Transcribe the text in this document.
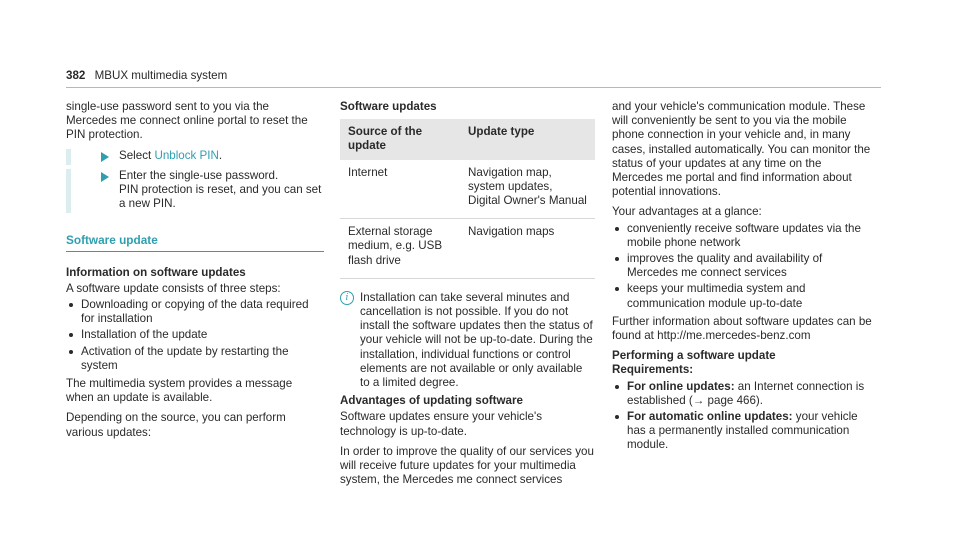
382 MBUX multimedia system

single-use password sent to you via the Mercedes me connect online portal to reset the PIN protection.

Select Unblock PIN.
Enter the single-use password.
PIN protection is reset, and you can set a new PIN.
Software update
Information on software updates

A software update consists of three steps:

Downloading or copying of the data required for installation
Installation of the update
Activation of the update by restarting the system

The multimedia system provides a message when an update is available.

Depending on the source, you can perform various updates:

Software updates
Source of the update	Update type
Internet	Navigation map, system updates, Digital Owner's Manual
External storage medium, e.g. USB flash drive	Navigation maps
i Installation can take several minutes and cancellation is not possible. If you do not install the software updates then the status of your vehicle will not be up-to-date. During the installation, individual functions or control elements are not available or only available to a limited degree.
Advantages of updating software

Software updates ensure your vehicle's technology is up-to-date.

In order to improve the quality of our services you will receive future updates for your multimedia system, the Mercedes me connect services

and your vehicle's communication module. These will conveniently be sent to you via the mobile phone connection in your vehicle and, in many cases, installed automatically. You can monitor the status of your updates at any time on the Mercedes me portal and find information about potential innovations.

Your advantages at a glance:

conveniently receive software updates via the mobile phone network
improves the quality and availability of Mercedes me connect services
keeps your multimedia system and communication module up-to-date

Further information about software updates can be found at http://me.mercedes-benz.com

Performing a software update
Requirements:
For online updates: an Internet connection is established (→ page 466).
For automatic online updates: your vehicle has a permanently installed communication module.
